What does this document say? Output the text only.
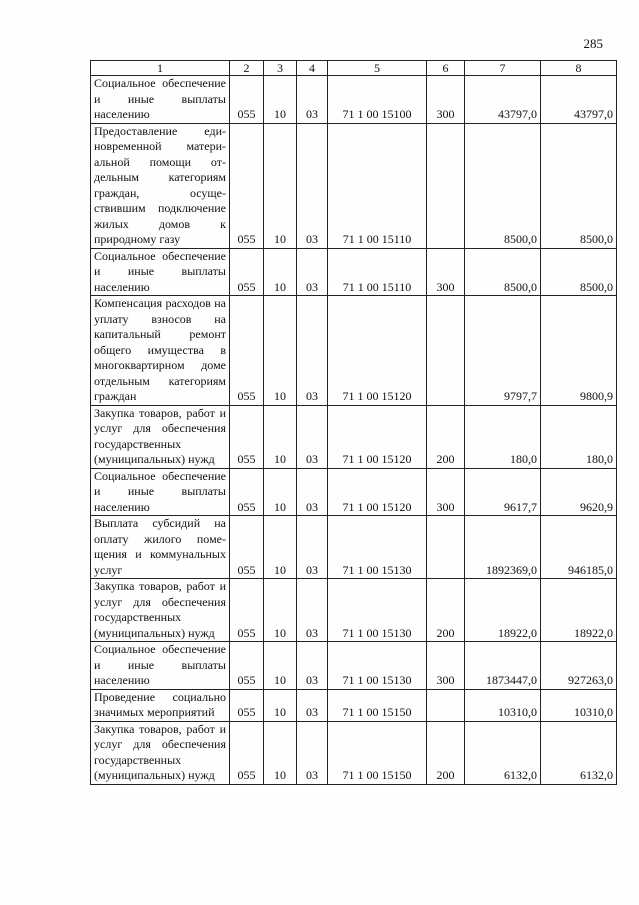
285
1	2	3	4	5	6	7	8
Социальное обеспечение и иные выплаты населению	055	10	03	71 1 00 15100	300	43797,0	43797,0
Предоставление единовременной материальной помощи отдельным категориям граждан, осуществившим подключение жилых домов к природному газу	055	10	03	71 1 00 15110		8500,0	8500,0
Социальное обеспечение и иные выплаты населению	055	10	03	71 1 00 15110	300	8500,0	8500,0
Компенсация расходов на уплату взносов на капитальный ремонт общего имущества в многоквартирном доме отдельным категориям граждан	055	10	03	71 1 00 15120		9797,7	9800,9
Закупка товаров, работ и услуг для обеспечения государственных (муниципальных) нужд	055	10	03	71 1 00 15120	200	180,0	180,0
Социальное обеспечение и иные выплаты населению	055	10	03	71 1 00 15120	300	9617,7	9620,9
Выплата субсидий на оплату жилого помещения и коммунальных услуг	055	10	03	71 1 00 15130		1892369,0	946185,0
Закупка товаров, работ и услуг для обеспечения государственных (муниципальных) нужд	055	10	03	71 1 00 15130	200	18922,0	18922,0
Социальное обеспечение и иные выплаты населению	055	10	03	71 1 00 15130	300	1873447,0	927263,0
Проведение социально значимых мероприятий	055	10	03	71 1 00 15150		10310,0	10310,0
Закупка товаров, работ и услуг для обеспечения государственных (муниципальных) нужд	055	10	03	71 1 00 15150	200	6132,0	6132,0
